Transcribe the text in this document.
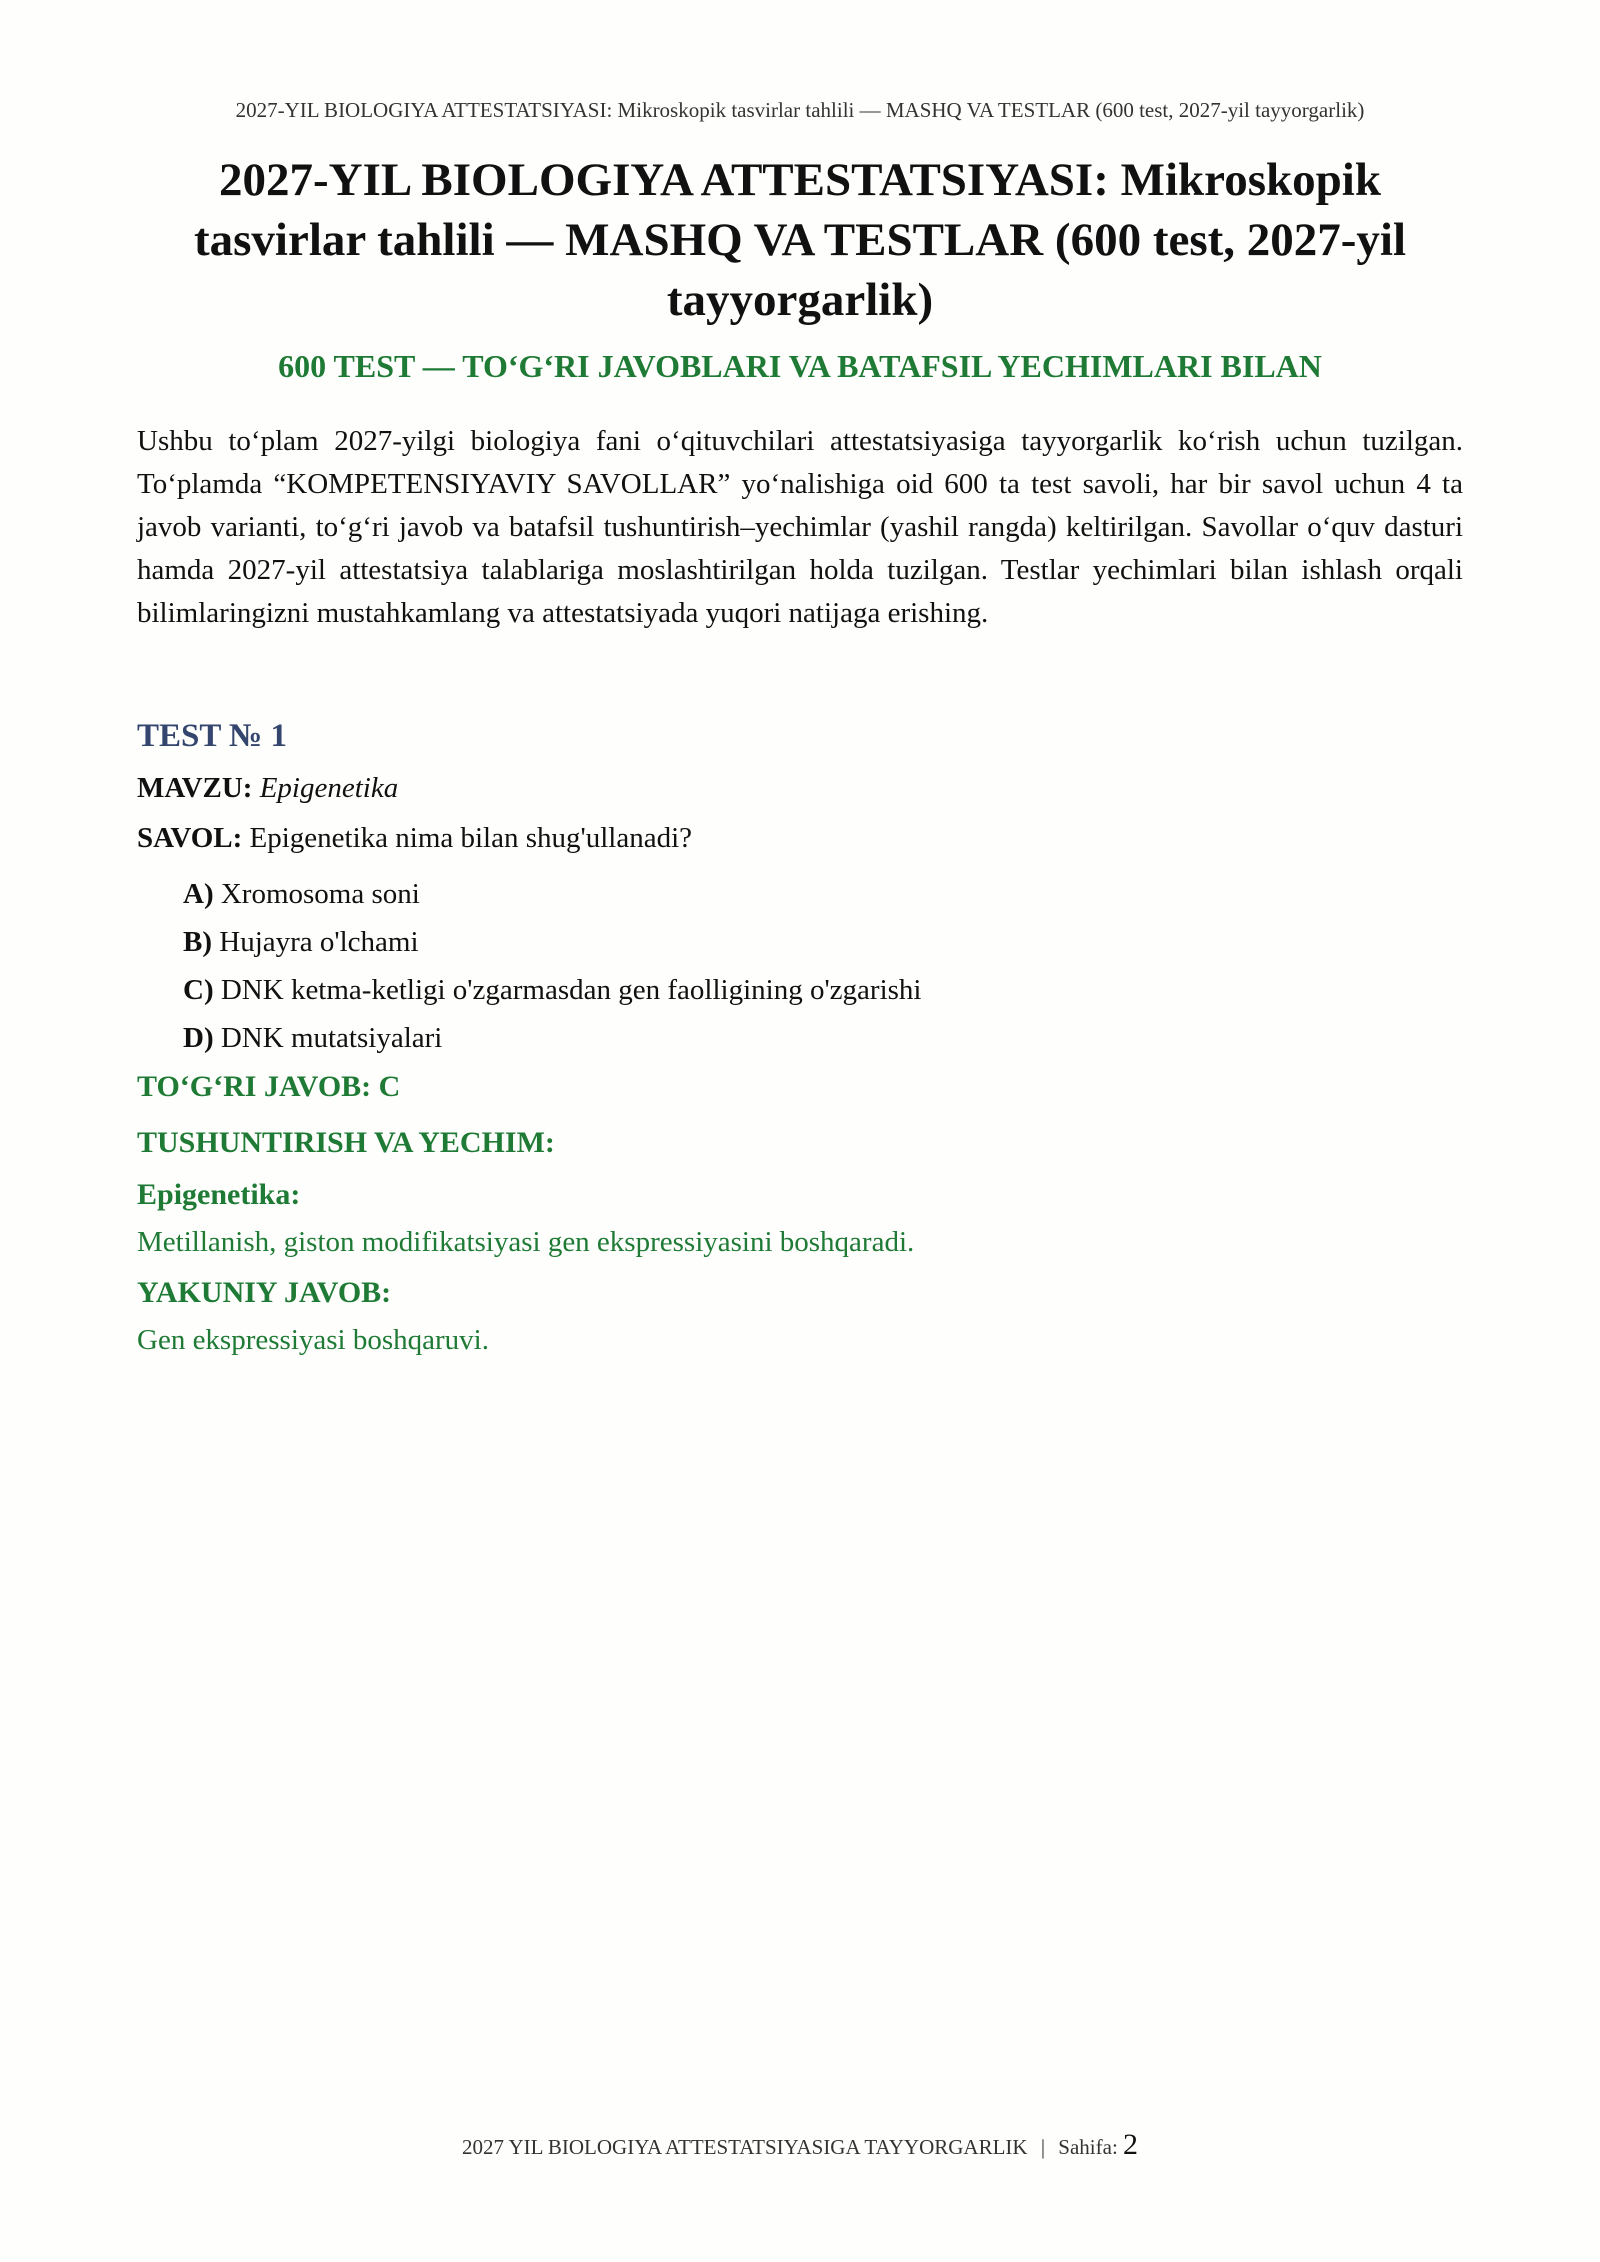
2027-YIL BIOLOGIYA ATTESTATSIYASI: Mikroskopik tasvirlar tahlili — MASHQ VA TESTLAR (600 test, 2027-yil tayyorgarlik)
2027-YIL BIOLOGIYA ATTESTATSIYASI: Mikroskopik tasvirlar tahlili — MASHQ VA TESTLAR (600 test, 2027-yil tayyorgarlik)
600 TEST — TO‘G‘RI JAVOBLARI VA BATAFSIL YECHIMLARI BILAN

Ushbu to‘plam 2027-yilgi biologiya fani o‘qituvchilari attestatsiyasiga tayyorgarlik ko‘rish uchun tuzilgan. To‘plamda “KOMPETENSIYAVIY SAVOLLAR” yo‘nalishiga oid 600 ta test savoli, har bir savol uchun 4 ta javob varianti, to‘g‘ri javob va batafsil tushuntirish–yechimlar (yashil rangda) keltirilgan. Savollar o‘quv dasturi hamda 2027-yil attestatsiya talablariga moslashtirilgan holda tuzilgan. Testlar yechimlari bilan ishlash orqali bilimlaringizni mustahkamlang va attestatsiyada yuqori natijaga erishing.

TEST № 1
MAVZU: Epigenetika
SAVOL: Epigenetika nima bilan shug'ullanadi?
A) Xromosoma soni
B) Hujayra o'lchami
C) DNK ketma-ketligi o'zgarmasdan gen faolligining o'zgarishi
D) DNK mutatsiyalari
TO‘G‘RI JAVOB: C
TUSHUNTIRISH VA YECHIM:
Epigenetika:
Metillanish, giston modifikatsiyasi gen ekspressiyasini boshqaradi.
YAKUNIY JAVOB:
Gen ekspressiyasi boshqaruvi.
2027 YIL BIOLOGIYA ATTESTATSIYASIGA TAYYORGARLIK | Sahifa: 2
